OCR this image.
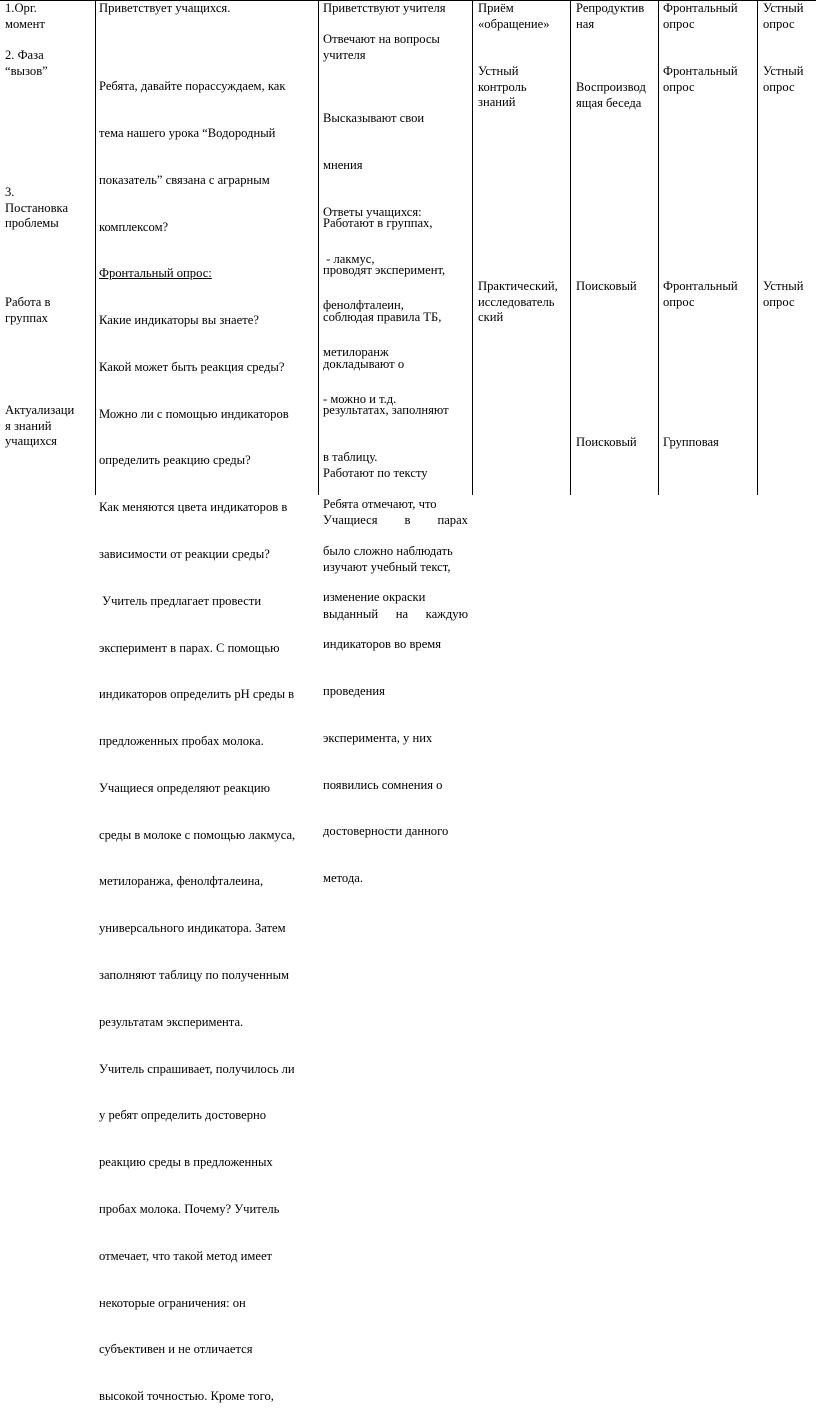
1.Орг.
момент
2. Фаза
“вызов”
3.
Постановка
проблемы
Работа в
группах
Актуализаци
я знаний
учащихся
Приветствует учащихся.

Ребята, давайте порассуждаем, как

тема нашего урока “Водородный

показатель” связана с аграрным

комплексом?

Фронтальный опрос:

Какие индикаторы вы знаете?

Какой может быть реакция среды?

Можно ли с помощью индикаторов

определить реакцию среды?

Как меняются цвета индикаторов в

зависимости от реакции среды?

Учитель предлагает провести

эксперимент в парах. С помощью

индикаторов определить pH среды в

предложенных пробах молока.

Учащиеся определяют реакцию

среды в молоке с помощью лакмуса,

метилоранжа, фенолфталеина,

универсального индикатора. Затем

заполняют таблицу по полученным

результатам эксперимента.

Учитель спрашивает, получилось ли

у ребят определить достоверно

реакцию среды в предложенных

пробах молока. Почему? Учитель

отмечает, что такой метод имеет

некоторые ограничения: он

субъективен и не отличается

высокой точностью. Кроме того,

Приветствуют учителя
Отвечают на вопросы
учителя

Высказывают свои

мнения

Ответы учащихся:

- лакмус,

фенолфталеин,

метилоранж

- можно и т.д.

Работают в группах,

проводят эксперимент,

соблюдая правила ТБ,

докладывают о

результатах, заполняют

в таблицу.

Ребята отмечают, что

было сложно наблюдать

изменение окраски

индикаторов во время

проведения

эксперимента, у них

появились сомнения о

достоверности данного

метода.

Работают по тексту

Учащиеся в парах

изучают учебный текст,

выданный на каждую

Приём
«обращение»
Устный
контроль
знаний
Практический,
исследователь
ский
Репродуктив
ная
Воспроизвод
ящая беседа
Поисковый
Поисковый
Фронтальный
опрос
Фронтальный
опрос
Фронтальный
опрос
Групповая
Устный
опрос
Устный
опрос
Устный
опрос
